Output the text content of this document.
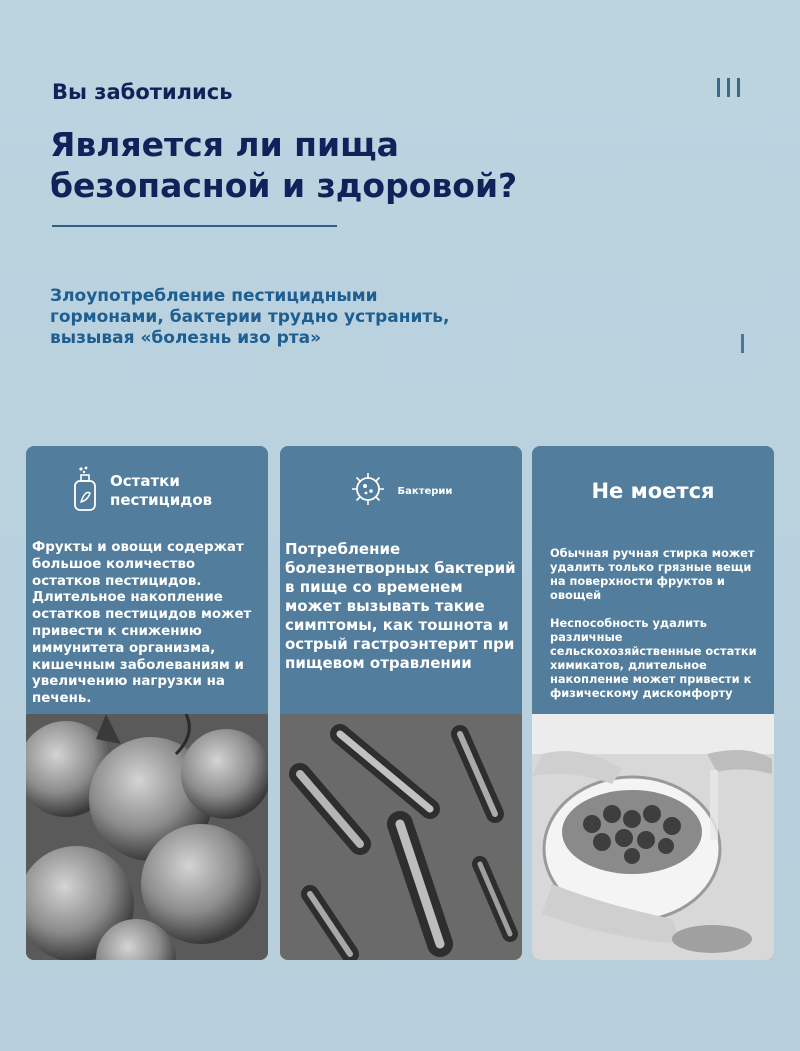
Вы заботились
Является ли пища безопасной и здоровой?
Злоупотребление пестицидными гормонами, бактерии трудно устранить, вызывая «болезнь изо рта»
Остатки пестицидов
Фрукты и овощи содержат большое количество остатков пестицидов. Длительное накопление остатков пестицидов может привести к снижению иммунитета организма, кишечным заболеваниям и увеличению нагрузки на печень.
Бактерии
Потребление болезнетворных бактерий в пище со временем может вызывать такие симптомы, как тошнота и острый гастроэнтерит при пищевом отравлении
Не моется

Обычная ручная стирка может удалить только грязные вещи на поверхности фруктов и овощей

Неспособность удалить различные сельскохозяйственные остатки химикатов, длительное накопление может привести к физическому дискомфорту
